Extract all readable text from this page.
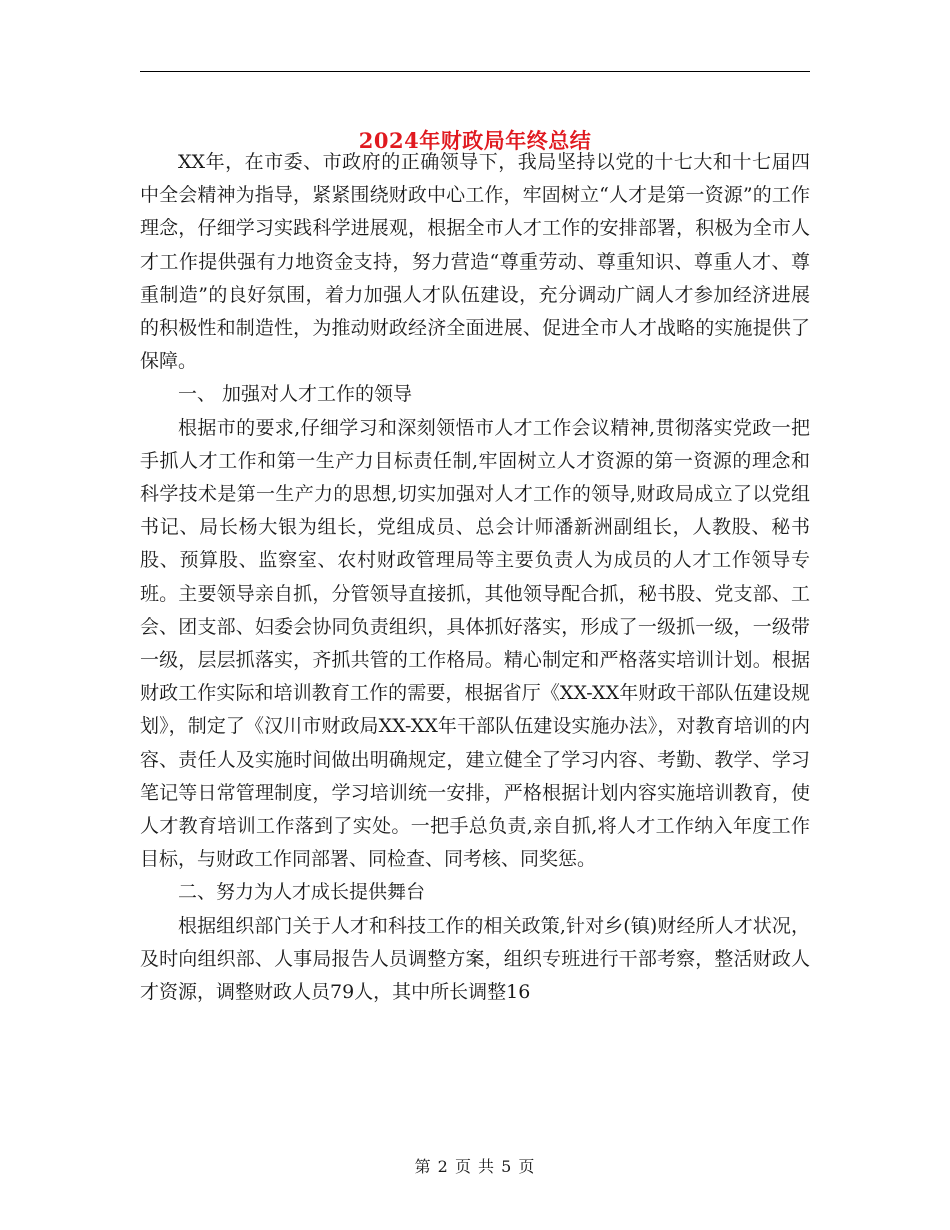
2024年财政局年终总结

XX年，在市委、市政府的正确领导下，我局坚持以党的十七大和十七届四中全会精神为指导，紧紧围绕财政中心工作，牢固树立“人才是第一资源”的工作理念，仔细学习实践科学进展观，根据全市人才工作的安排部署，积极为全市人才工作提供强有力地资金支持，努力营造“尊重劳动、尊重知识、尊重人才、尊重制造”的良好氛围，着力加强人才队伍建设，充分调动广阔人才参加经济进展的积极性和制造性，为推动财政经济全面进展、促进全市人才战略的实施提供了保障。

一、 加强对人才工作的领导

根据市的要求,仔细学习和深刻领悟市人才工作会议精神,贯彻落实党政一把手抓人才工作和第一生产力目标责任制,牢固树立人才资源的第一资源的理念和科学技术是第一生产力的思想,切实加强对人才工作的领导,财政局成立了以党组书记、局长杨大银为组长，党组成员、总会计师潘新洲副组长，人教股、秘书股、预算股、监察室、农村财政管理局等主要负责人为成员的人才工作领导专班。主要领导亲自抓，分管领导直接抓，其他领导配合抓，秘书股、党支部、工会、团支部、妇委会协同负责组织，具体抓好落实，形成了一级抓一级，一级带一级，层层抓落实，齐抓共管的工作格局。精心制定和严格落实培训计划。根据财政工作实际和培训教育工作的需要，根据省厅《XX-XX年财政干部队伍建设规划》，制定了《汉川市财政局XX-XX年干部队伍建设实施办法》，对教育培训的内容、责任人及实施时间做出明确规定，建立健全了学习内容、考勤、教学、学习笔记等日常管理制度，学习培训统一安排，严格根据计划内容实施培训教育，使人才教育培训工作落到了实处。一把手总负责,亲自抓,将人才工作纳入年度工作目标，与财政工作同部署、同检查、同考核、同奖惩。

二、努力为人才成长提供舞台

根据组织部门关于人才和科技工作的相关政策,针对乡(镇)财经所人才状况，及时向组织部、人事局报告人员调整方案，组织专班进行干部考察，整活财政人才资源，调整财政人员79人，其中所长调整16

第 2 页 共 5 页
